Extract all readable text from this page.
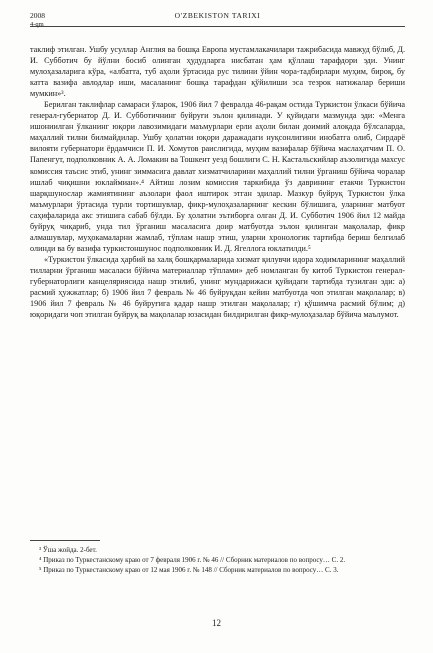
2008
4-qm
O'ZBEKISTON TARIXI

таклиф этилган. Ушбу усуллар Англия ва бошқа Европа мустамлакачилари тажрибасида мавжуд бўлиб, Д. И. Субботич бу йўлни босиб олинган ҳудудларга нисбатан ҳам қўллаш тарафдори эди. Унинг мулоҳазаларига кўра, «албатта, туб аҳоли ўртасида рус тилини ўйин чора-тадбирлари муҳим, бироқ, бу катта вазифа авлодлар иши, масаланинг бошқа тарафдан қўйилиши эса тезрок натижалар бериши мумкин»³.

Берилган таклифлар самараси ўларок, 1906 йил 7 февралда 46-рақам остида Туркистон ўлкаси бўйича генерал-губернатор Д. И. Субботичнинг буйруғи эълон қилинади. У қуйидаги мазмунда эди: «Менга ишониилган ўлканинг юқори лавозимидаги маъмурлари ерли аҳоли билан доимий алоқада бўлсаларда, маҳаллий тилни билмайдилар. Ушбу ҳолатни юқори даражадаги нуқсонлигини инобатга олиб, Сирдарё вилояти губернатори ёрдамчиси П. И. Хомутов раислигида, муҳим вазифалар бўйича маслаҳатчим П. О. Папенгут, подполковник А. А. Ломакин ва Тошкент уезд бошлиги С. Н. Кастальскийлар аъзолигида махсус комиссия таъсис этиб, унинг зиммасига давлат хизматчиларини маҳаллий тилни ўрганиш бўйича чоралар ишлаб чиқишни юклаймиан».⁴ Айтиш лозим комиссия таркибида ўз даврининг етакчи Туркистон шарқшунослар жамиятининг аъзолари фаол иштирок этган эдилар. Мазкур буйруқ Туркистон ўлка маъмурлари ўртасида турли тортишувлар, фикр-мулоҳазаларнинг кескин бўлишига, уларнинг матбуот саҳифаларида акс этишига сабаб бўлди. Бу ҳолатни эътиборга олган Д. И. Субботич 1906 йил 12 майда буйруқ чиқариб, унда тил ўрганиш масаласига доир матбуотда эълон қилинган мақолалар, фикр алмашувлар, муҳокамаларни жамлаб, тўплам нашр этиш, уларни хронологик тартибда бериш белгилаб олинди ва бу вазифа туркистоншунос подполковник И. Д. Ягеллога юклатилди.⁵

«Туркистон ўлкасида ҳарбий ва халқ бошқармаларида хизмат қилувчи идора ходимларининг маҳаллий тилларни ўрганиш масаласи бўйича материаллар тўплами» деб номланган бу китоб Туркистон генерал-губернаторлиги канцеляриясида нашр этилиб, унинг мундарижаси қуйидаги тартибда тузилган эди: а) расмий ҳужжатлар; б) 1906 йил 7 февраль № 46 буйруқдан кейин матбуотда чоп этилган мақолалар; в) 1906 йил 7 февраль № 46 буйруғига қадар нашр этилган мақолалар; г) қўшимча расмий бўлим; д) юқоридаги чоп этилган буйруқ ва мақолалар юзасидан билдирилган фикр-мулоҳазалар бўйича маълумот.

³ Ўша жойда. 2-бет.

⁴ Приказ по Туркестанскому краю от 7 февраля 1906 г. № 46 // Сборник материалов по вопросу… С. 2.

⁵ Приказ по Туркестанскому краю от 12 мая 1906 г. № 148 // Сборник материалов по вопросу… С. 3.

12
